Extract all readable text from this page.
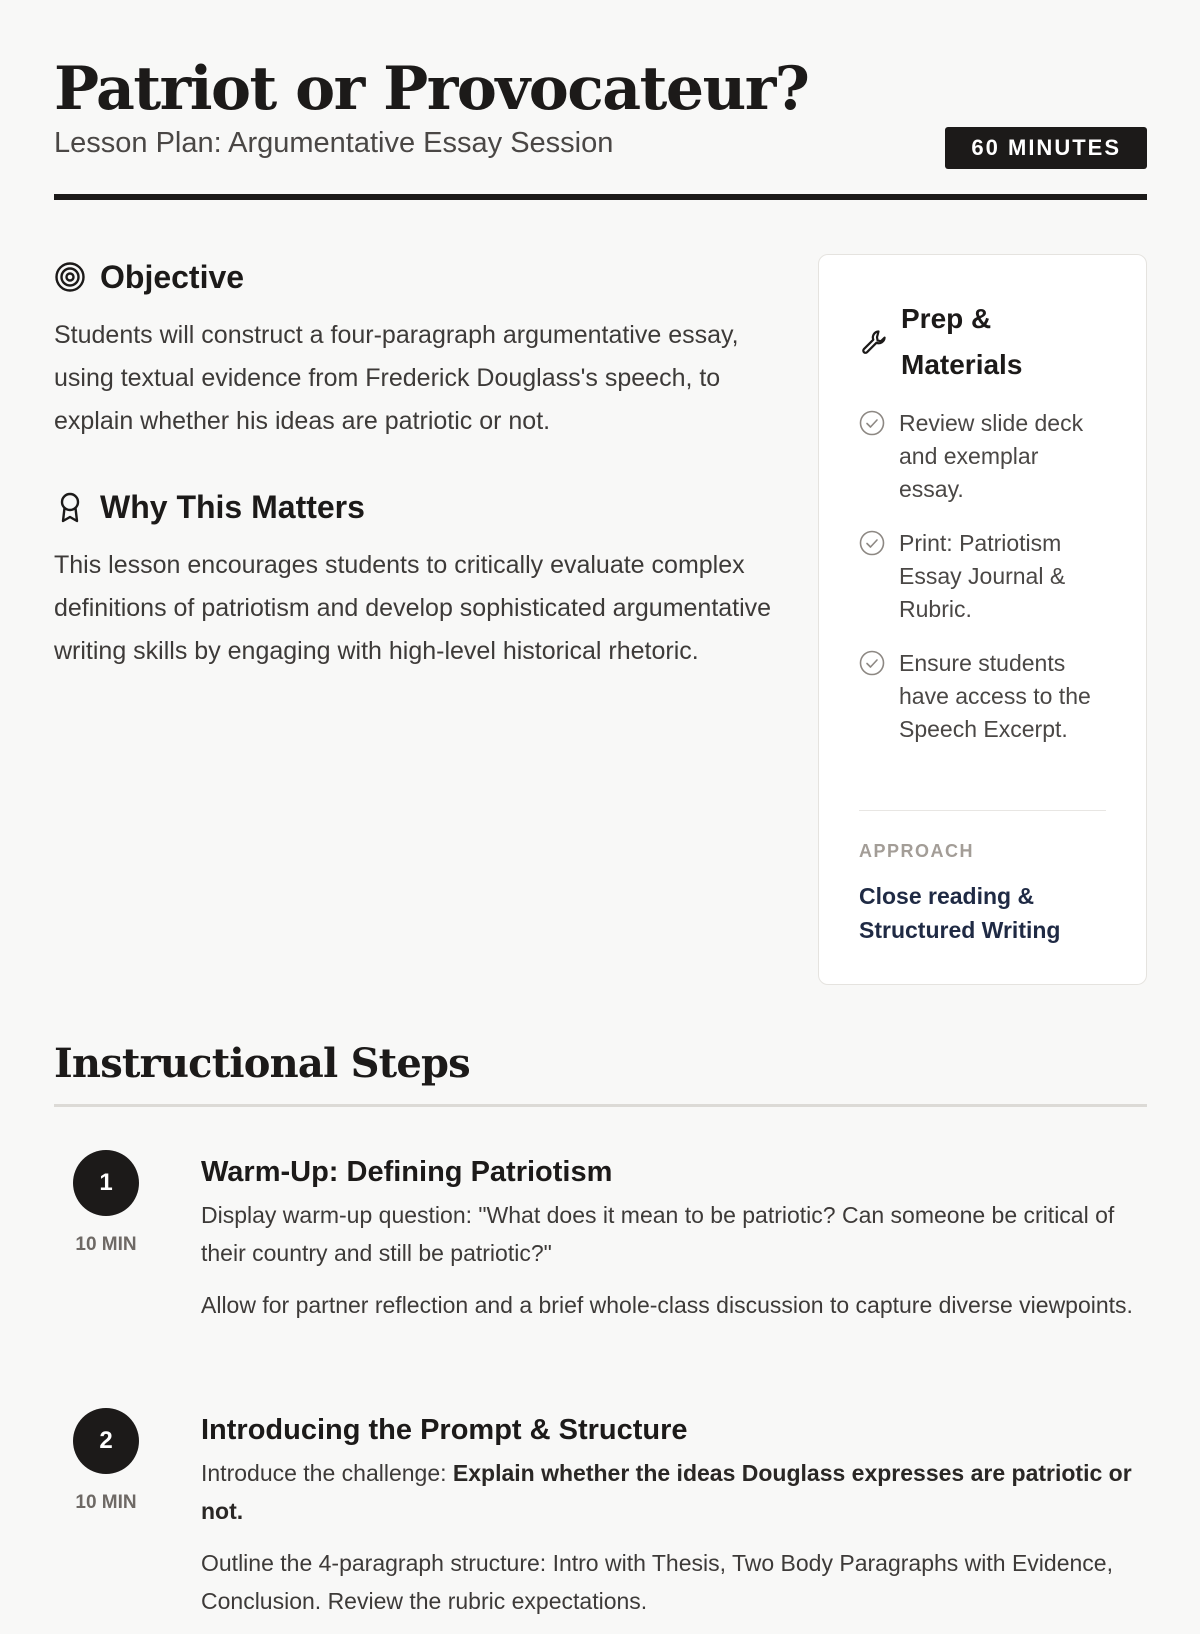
Patriot or Provocateur?
Lesson Plan: Argumentative Essay Session	60 MINUTES
Objective

Students will construct a four-paragraph argumentative essay, using textual evidence from Frederick Douglass's speech, to explain whether his ideas are patriotic or not.

Why This Matters

This lesson encourages students to critically evaluate complex definitions of patriotism and develop sophisticated argumentative writing skills by engaging with high-level historical rhetoric.

Prep & Materials
Review slide deck and exemplar essay.
Print: Patriotism Essay Journal & Rubric.
Ensure students have access to the Speech Excerpt.
APPROACH
Close reading & Structured Writing
Instructional Steps
1
10 MIN
Warm-Up: Defining Patriotism

Display warm-up question: "What does it mean to be patriotic? Can someone be critical of their country and still be patriotic?"

Allow for partner reflection and a brief whole-class discussion to capture diverse viewpoints.

2
10 MIN
Introducing the Prompt & Structure

Introduce the challenge: Explain whether the ideas Douglass expresses are patriotic or not.

Outline the 4-paragraph structure: Intro with Thesis, Two Body Paragraphs with Evidence, Conclusion. Review the rubric expectations.
